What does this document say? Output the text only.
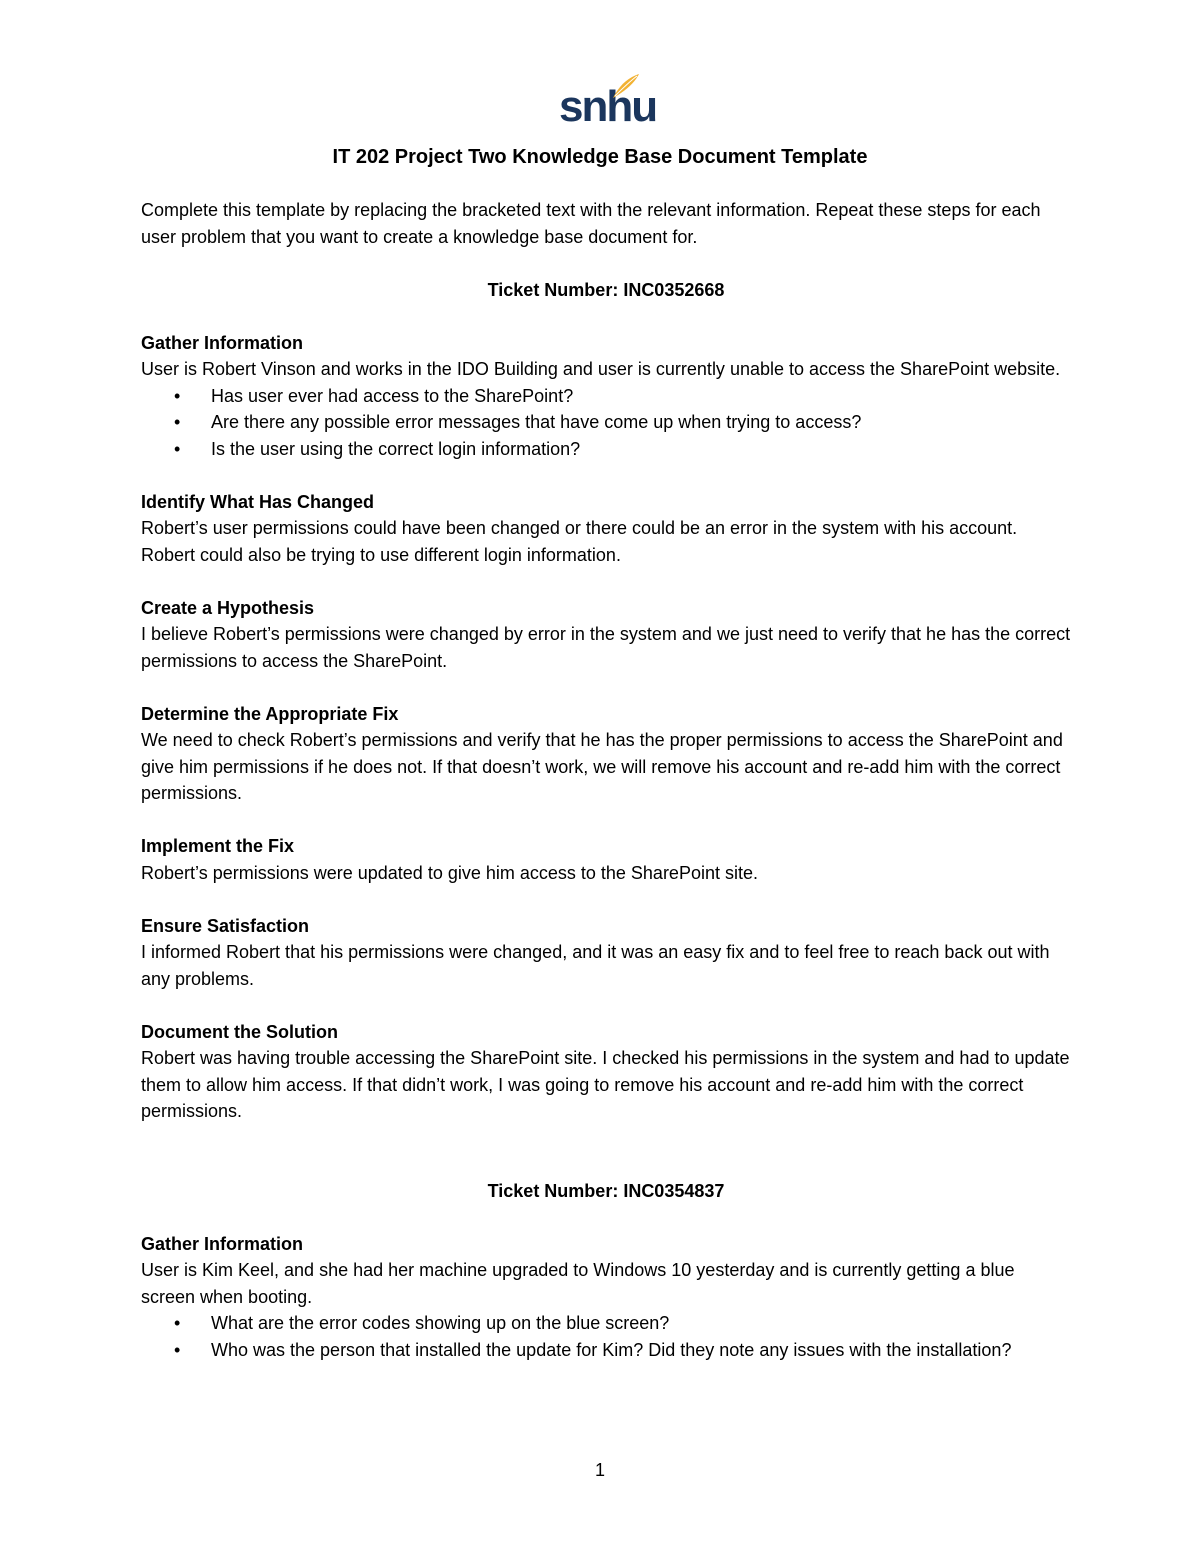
snhu
IT 202 Project Two Knowledge Base Document Template

Complete this template by replacing the bracketed text with the relevant information. Repeat these steps for each user problem that you want to create a knowledge base document for.

Ticket Number: INC0352668

Gather Information

User is Robert Vinson and works in the IDO Building and user is currently unable to access the SharePoint website.

• Has user ever had access to the SharePoint?
• Are there any possible error messages that have come up when trying to access?
• Is the user using the correct login information?

Identify What Has Changed

Robert’s user permissions could have been changed or there could be an error in the system with his account. Robert could also be trying to use different login information.

Create a Hypothesis

I believe Robert’s permissions were changed by error in the system and we just need to verify that he has the correct permissions to access the SharePoint.

Determine the Appropriate Fix

We need to check Robert’s permissions and verify that he has the proper permissions to access the SharePoint and give him permissions if he does not. If that doesn’t work, we will remove his account and re-add him with the correct permissions.

Implement the Fix

Robert’s permissions were updated to give him access to the SharePoint site.

Ensure Satisfaction

I informed Robert that his permissions were changed, and it was an easy fix and to feel free to reach back out with any problems.

Document the Solution

Robert was having trouble accessing the SharePoint site. I checked his permissions in the system and had to update them to allow him access. If that didn’t work, I was going to remove his account and re-add him with the correct permissions.

Ticket Number: INC0354837

Gather Information

User is Kim Keel, and she had her machine upgraded to Windows 10 yesterday and is currently getting a blue screen when booting.

• What are the error codes showing up on the blue screen?
• Who was the person that installed the update for Kim? Did they note any issues with the installation?
1
